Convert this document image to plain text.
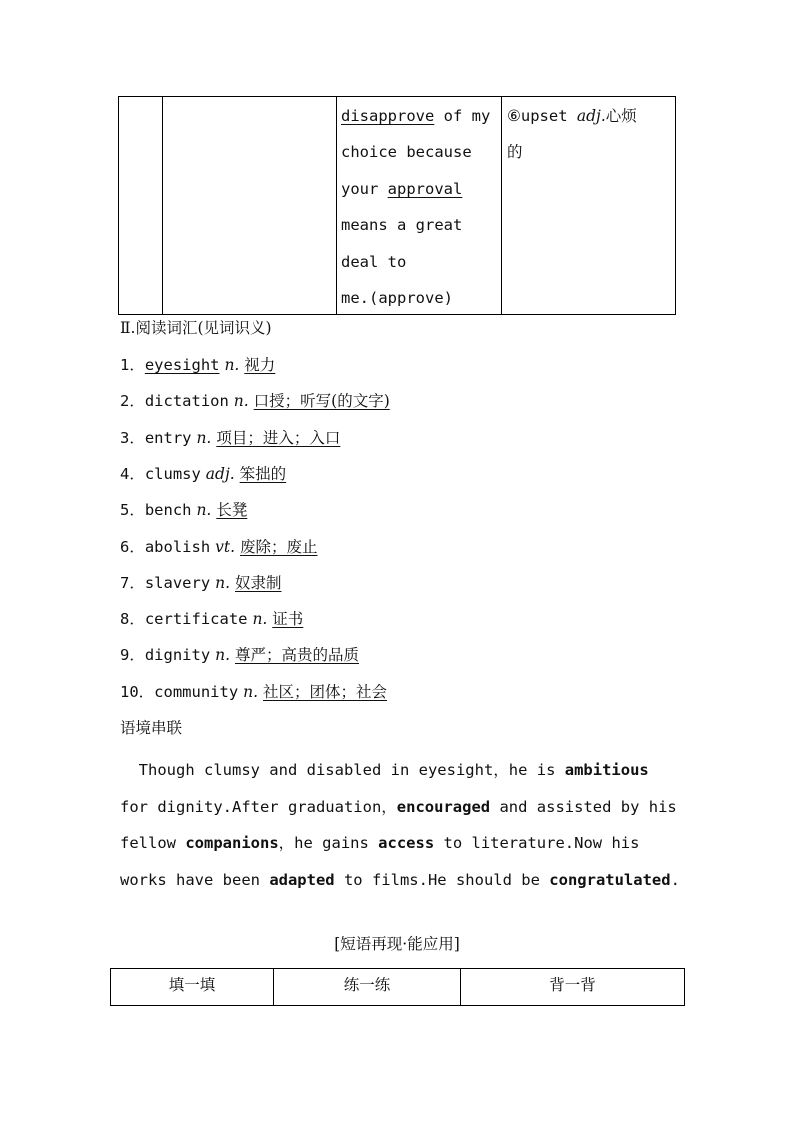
disapprove of my
choice because
your approval
means a great
deal to
me.(approve)
⑥upset adj.心烦
的
Ⅱ.阅读词汇(见词识义)
1．eyesight n. 视力
2．dictation n. 口授；听写(的文字)
3．entry n. 项目；进入；入口
4．clumsy adj. 笨拙的
5．bench n. 长凳
6．abolish vt. 废除；废止
7．slavery n. 奴隶制
8．certificate n. 证书
9．dignity n. 尊严；高贵的品质
10．community n. 社区；团体；社会
语境串联
Though clumsy and disabled in eyesight，he is ambitious
for dignity.After graduation，encouraged and assisted by his
fellow companions，he gains access to literature.Now his
works have been adapted to films.He should be congratulated.
[短语再现·能应用]
填一填	练一练	背一背
